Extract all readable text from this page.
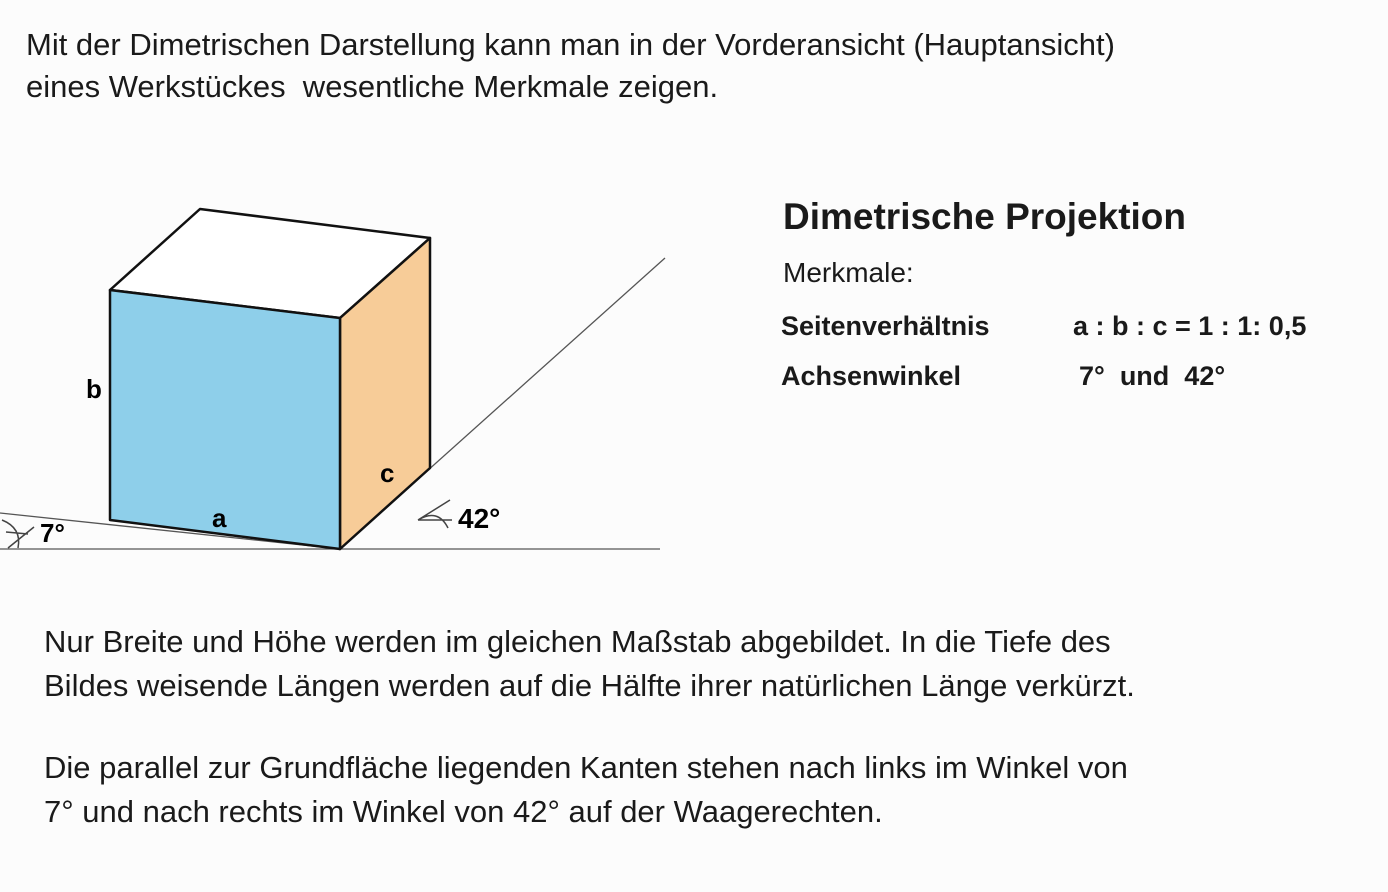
Mit der Dimetrischen Darstellung kann man in der Vorderansicht (Hauptansicht)
eines Werkstückes  wesentliche Merkmale zeigen.
b
a
c
7°	42°
Dimetrische Projektion

Merkmale:

Seitenverhältnis	a : b : c = 1 : 1: 0,5
Achsenwinkel	7°  und  42°
Nur Breite und Höhe werden im gleichen Maßstab abgebildet. In die Tiefe des
Bildes weisende Längen werden auf die Hälfte ihrer natürlichen Länge verkürzt.
Die parallel zur Grundfläche liegenden Kanten stehen nach links im Winkel von
7° und nach rechts im Winkel von 42° auf der Waagerechten.
